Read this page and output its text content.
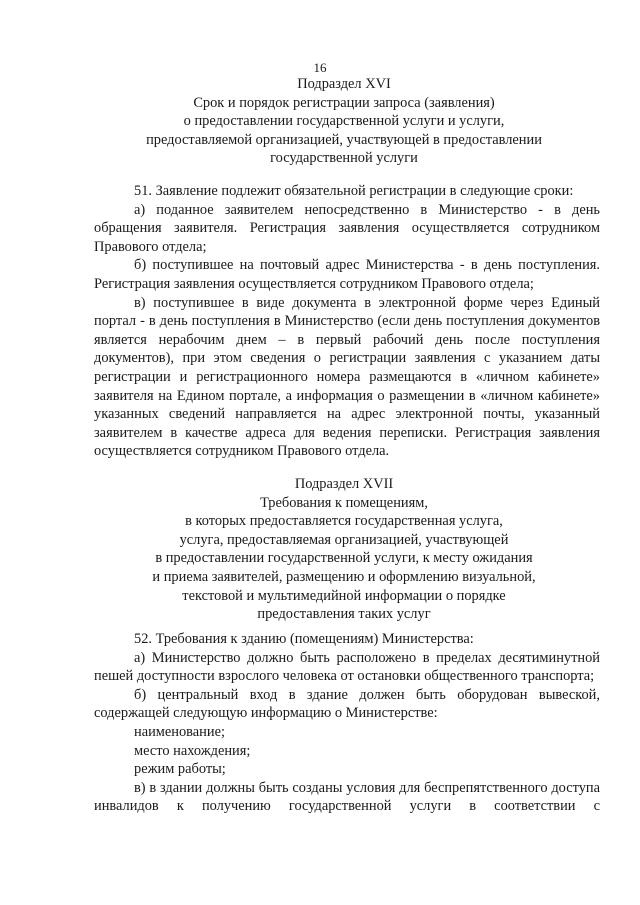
16
Подраздел XVI
Срок и порядок регистрации запроса (заявления)
о предоставлении государственной услуги и услуги,
предоставляемой организацией, участвующей в предоставлении
государственной услуги

51. Заявление подлежит обязательной регистрации в следующие сроки:

а) поданное заявителем непосредственно в Министерство - в день обращения заявителя. Регистрация заявления осуществляется сотрудником Правового отдела;

б) поступившее на почтовый адрес Министерства - в день поступления. Регистрация заявления осуществляется сотрудником Правового отдела;

в) поступившее в виде документа в электронной форме через Единый портал - в день поступления в Министерство (если день поступления документов является нерабочим днем – в первый рабочий день после поступления документов), при этом сведения о регистрации заявления с указанием даты регистрации и регистрационного номера размещаются в «личном кабинете» заявителя на Едином портале, а информация о размещении в «личном кабинете» указанных сведений направляется на адрес электронной почты, указанный заявителем в качестве адреса для ведения переписки. Регистрация заявления осуществляется сотрудником Правового отдела.

Подраздел XVII
Требования к помещениям,
в которых предоставляется государственная услуга,
услуга, предоставляемая организацией, участвующей
в предоставлении государственной услуги, к месту ожидания
и приема заявителей, размещению и оформлению визуальной,
текстовой и мультимедийной информации о порядке
предоставления таких услуг

52. Требования к зданию (помещениям) Министерства:

а) Министерство должно быть расположено в пределах десятиминутной пешей доступности взрослого человека от остановки общественного транспорта;

б) центральный вход в здание должен быть оборудован вывеской, содержащей следующую информацию о Министерстве:

наименование;

место нахождения;

режим работы;

в) в здании должны быть созданы условия для беспрепятственного доступа инвалидов к получению государственной услуги в соответствии с
